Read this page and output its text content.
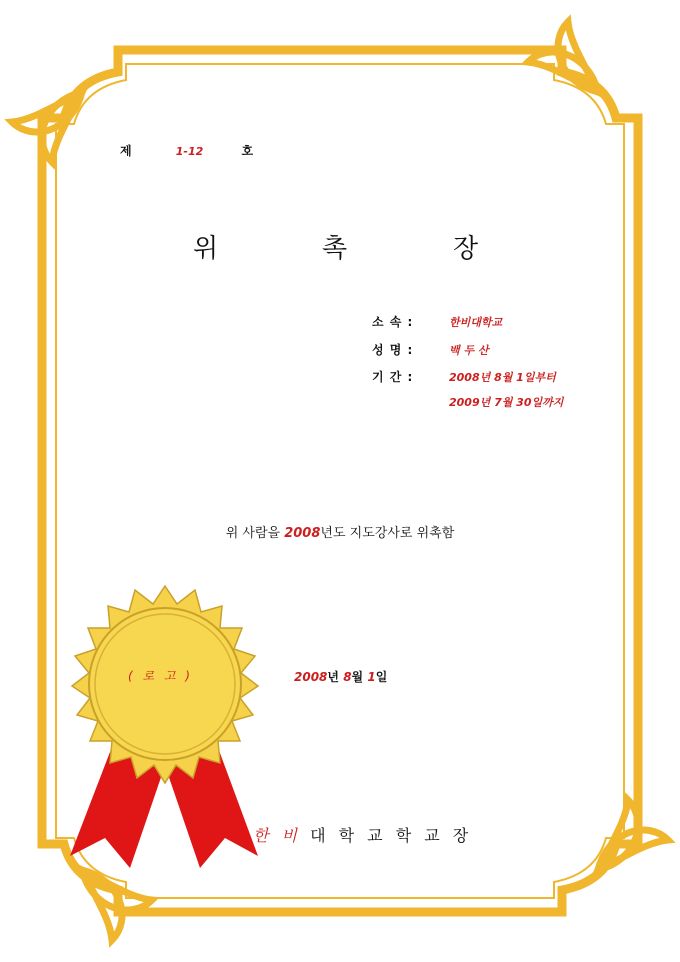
제	1-12	호
위	촉	장
소 속 :	한비대학교
성 명 :	백 두 산
기 간 :	2008년 8월 1일부터
2009년 7월 30일까지
위 사람을 2008년도 지도강사로 위촉함
( 로 고 )	2008년 8월 1일
한 비 대 학 교 학 교 장
